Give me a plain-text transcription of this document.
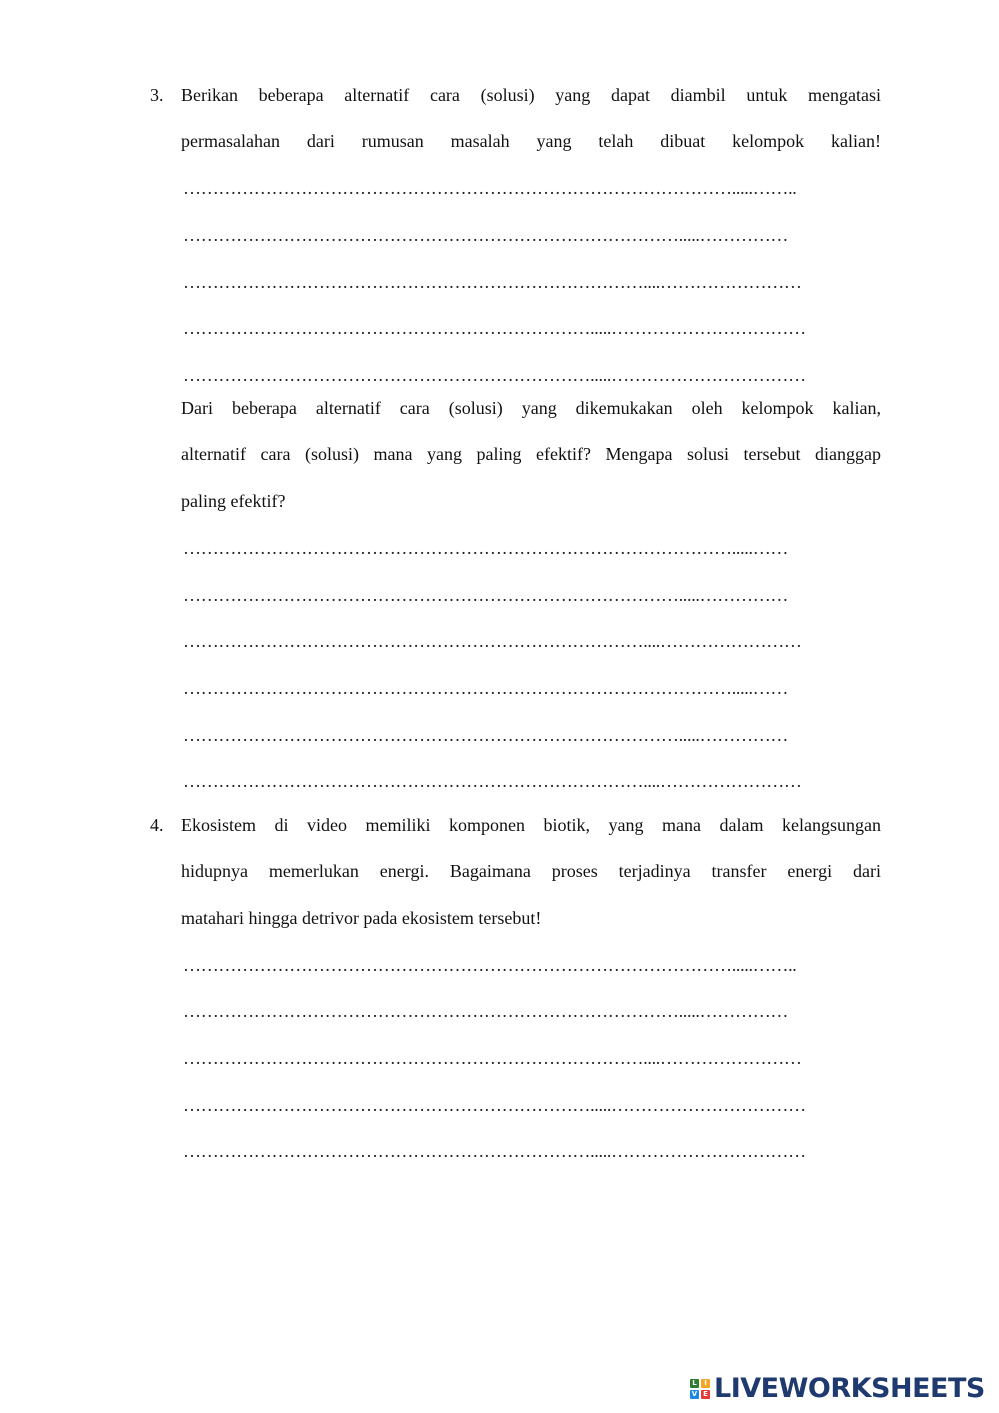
3. Berikan beberapa alternatif cara (solusi) yang dapat diambil untuk mengatasi
permasalahan dari rumusan masalah yang telah dibuat kelompok kalian!
………………………………………………………………………………….....……..
………………………………………………………………………….....……………
……………………………………………………………………....……………………
…………………………………………………………….....……………………………
…………………………………………………………….....……………………………
Dari beberapa alternatif cara (solusi) yang dikemukakan oleh kelompok kalian,
alternatif cara (solusi) mana yang paling efektif? Mengapa solusi tersebut dianggap
paling efektif?
………………………………………………………………………………….....……
………………………………………………………………………….....……………
……………………………………………………………………....……………………
………………………………………………………………………………….....……
………………………………………………………………………….....……………
……………………………………………………………………....……………………
4. Ekosistem di video memiliki komponen biotik, yang mana dalam kelangsungan
hidupnya memerlukan energi. Bagaimana proses terjadinya transfer energi dari
matahari hingga detrivor pada ekosistem tersebut!
………………………………………………………………………………….....……..
………………………………………………………………………….....……………
……………………………………………………………………....……………………
…………………………………………………………….....……………………………
…………………………………………………………….....……………………………
L	I
V E LIVEWORKSHEETS
